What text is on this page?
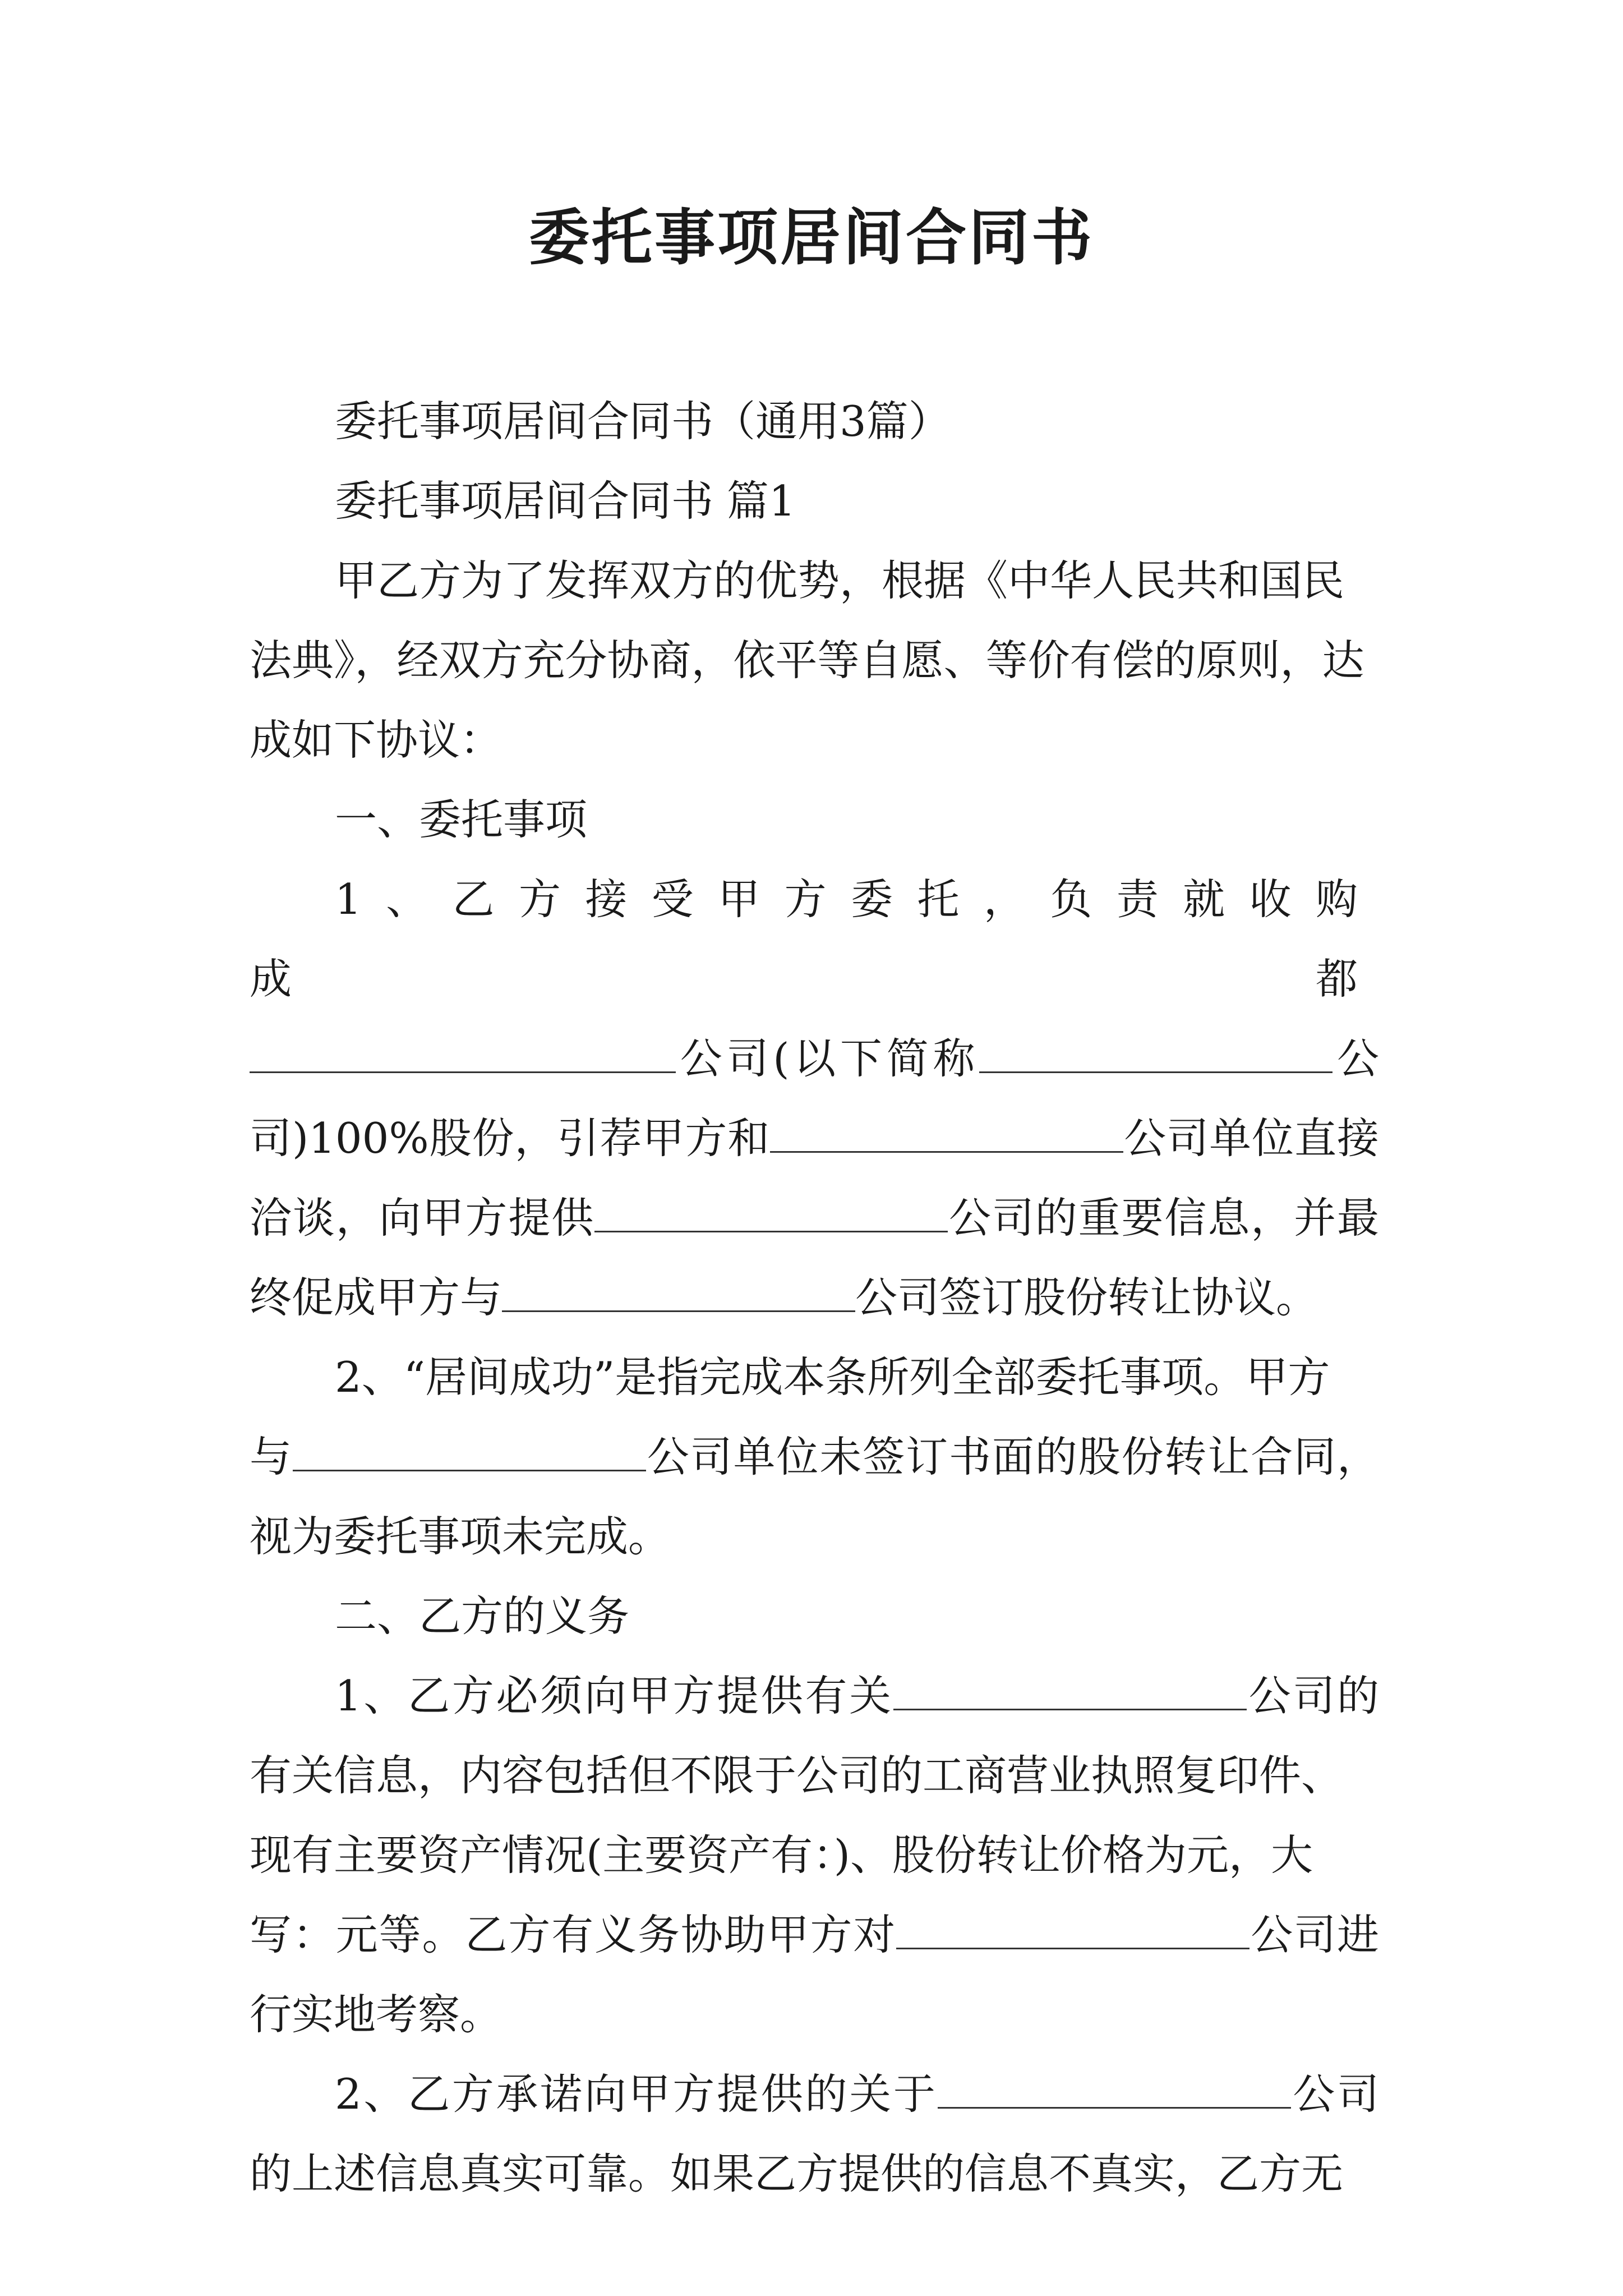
委托事项居间合同书

委托事项居间合同书（通用3篇）

委托事项居间合同书 篇1

甲乙方为了发挥双方的优势，根据《中华人民共和国民法典》，经双方充分协商，依平等自愿、等价有偿的原则，达成如下协议：

一、委托事项

1、乙方接受甲方委托，负责就收购成都
公司(以下简称	公
司)100%股份，引荐甲方和	公司单位直接
洽谈，向甲方提供	公司的重要信息，并最
终促成甲方与	公司签订股份转让协议。

2、“居间成功”是指完成本条所列全部委托事项。甲方
与	公司单位未签订书面的股份转让合同，
视为委托事项未完成。

二、乙方的义务

1、乙方必须向甲方提供有关	公司的
有关信息，内容包括但不限于公司的工商营业执照复印件、
现有主要资产情况(主要资产有：)、股份转让价格为元，大
写：元等。乙方有义务协助甲方对	公司进
行实地考察。

2、乙方承诺向甲方提供的关于	公司
的上述信息真实可靠。如果乙方提供的信息不真实，乙方无
